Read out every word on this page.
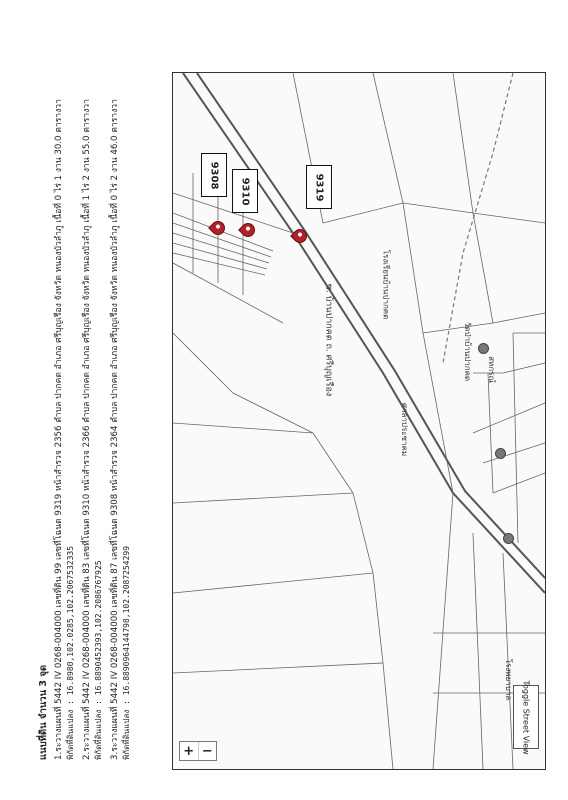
แนบที่ดิน จำนวน 3 จุด 1.ระวางแผนที่ 5442 IV 0268-004000 เลขที่ดิน 99 เลขที่โฉนด 9319 หน้าสำรวจ 2356 ตำบล ปากคด อำเภอ ศรีบุญเรือง จังหวัด หนองบัวลำภู เนื้อที่ 0 ไร่ 1 งาน 30.0 ตารางวา พิกัดที่ดินแปลง : 16.8980,102.0285,102.2067532335 2.ระวางแผนที่ 5442 IV 0268-004000 เลขที่ดิน 83 เลขที่โฉนด 9310 หน้าสำรวจ 2366 ตำบล ปากคด อำเภอ ศรีบุญเรือง จังหวัด หนองบัวลำภู เนื้อที่ 1 ไร่ 2 งาน 55.0 ตารางวา พิกัดที่ดินแปลง : 16.8890452393,102.2086767925 3.ระวางแผนที่ 5442 IV 0268-004000 เลขที่ดิน 87 เลขที่โฉนด 9308 หน้าสำรวจ 2364 ตำบล ปากคด อำเภอ ศรีบุญเรือง จังหวัด หนองบัวลำภู เนื้อที่ 0 ไร่ 2 งาน 46.0 ตารางวา พิกัดที่ดินแปลง : 16.8890964144798,102.2087254299
9319
9310
9308
ซ. บ้านปากคด ถ. ศรีบุญเรือง	โรงเรียนบ้านปากคด
ศาลาประชาคม
วัดป่าบ้านปากคด สหกรณ์
โรงพยาบาล
Toggle Street View
+ −
